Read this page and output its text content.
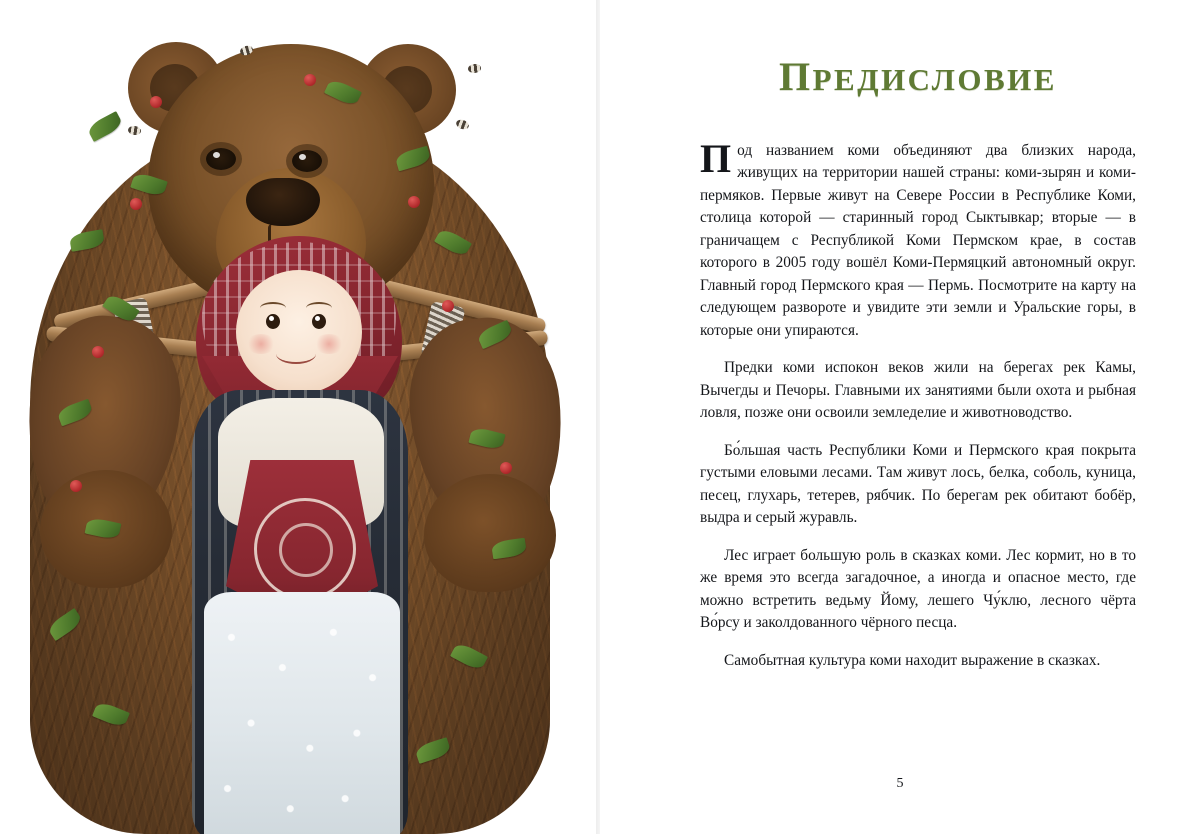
ПРЕДИСЛОВИЕ

Под названием коми объединяют два близких народа, живущих на территории нашей страны: коми-зырян и коми-пермяков. Первые живут на Севере России в Республике Коми, столица которой — старинный город Сыктывкар; вторые — в граничащем с Республикой Коми Пермском крае, в состав которого в 2005 году вошёл Коми-Пермяцкий автономный округ. Главный город Пермского края — Пермь. Посмотрите на карту на следующем развороте и увидите эти земли и Уральские горы, в которые они упираются.

Предки коми испокон веков жили на берегах рек Камы, Вычегды и Печоры. Главными их занятиями были охота и рыбная ловля, позже они освоили земледелие и животноводство.

Бо́льшая часть Республики Коми и Пермского края покрыта густыми еловыми лесами. Там живут лось, белка, соболь, куница, песец, глухарь, тетерев, рябчик. По берегам рек обитают бобёр, выдра и серый журавль.

Лес играет большую роль в сказках коми. Лес кормит, но в то же время это всегда загадочное, а иногда и опасное место, где можно встретить ведьму Йому, лешего Чу́клю, лесного чёрта Во́рсу и заколдованного чёрного песца.

Самобытная культура коми находит выражение в сказках.

5
